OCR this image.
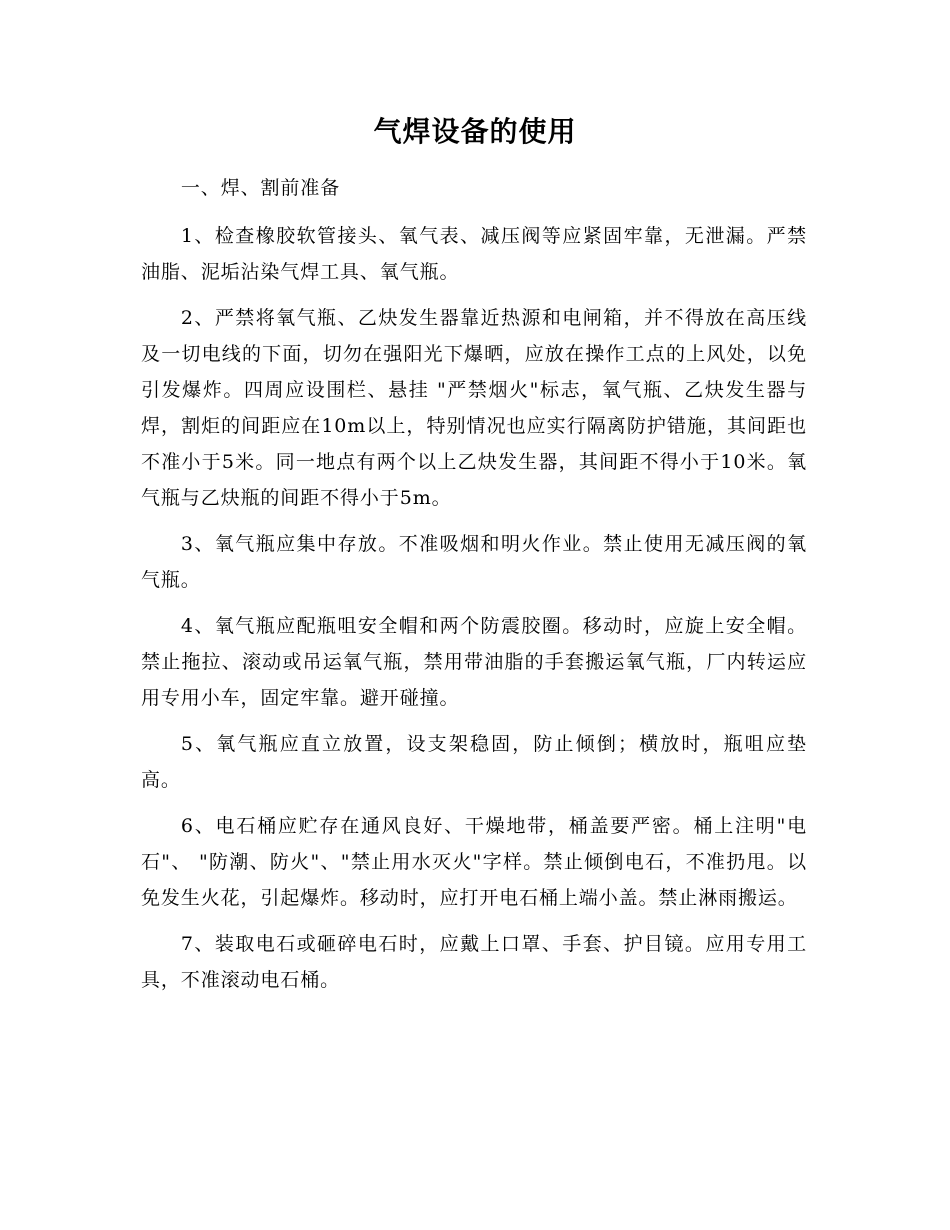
气焊设备的使用

一、焊、割前准备

1、检查橡胶软管接头、氧气表、减压阀等应紧固牢靠，无泄漏。严禁油脂、泥垢沾染气焊工具、氧气瓶。

2、严禁将氧气瓶、乙炔发生器靠近热源和电闸箱，并不得放在高压线及一切电线的下面，切勿在强阳光下爆晒，应放在操作工点的上风处，以免引发爆炸。四周应设围栏、悬挂 "严禁烟火"标志，氧气瓶、乙炔发生器与焊，割炬的间距应在10m以上，特别情况也应实行隔离防护错施，其间距也不准小于5米。同一地点有两个以上乙炔发生器，其间距不得小于10米。氧气瓶与乙炔瓶的间距不得小于5m。

3、氧气瓶应集中存放。不准吸烟和明火作业。禁止使用无减压阀的氧气瓶。

4、氧气瓶应配瓶咀安全帽和两个防震胶圈。移动时，应旋上安全帽。禁止拖拉、滚动或吊运氧气瓶，禁用带油脂的手套搬运氧气瓶，厂内转运应用专用小车，固定牢靠。避开碰撞。

5、氧气瓶应直立放置，设支架稳固，防止倾倒；横放时，瓶咀应垫高。

6、电石桶应贮存在通风良好、干燥地带，桶盖要严密。桶上注明"电石"、 "防潮、防火"、"禁止用水灭火"字样。禁止倾倒电石，不准扔甩。以免发生火花，引起爆炸。移动时，应打开电石桶上端小盖。禁止淋雨搬运。

7、装取电石或砸碎电石时，应戴上口罩、手套、护目镜。应用专用工具，不准滚动电石桶。
